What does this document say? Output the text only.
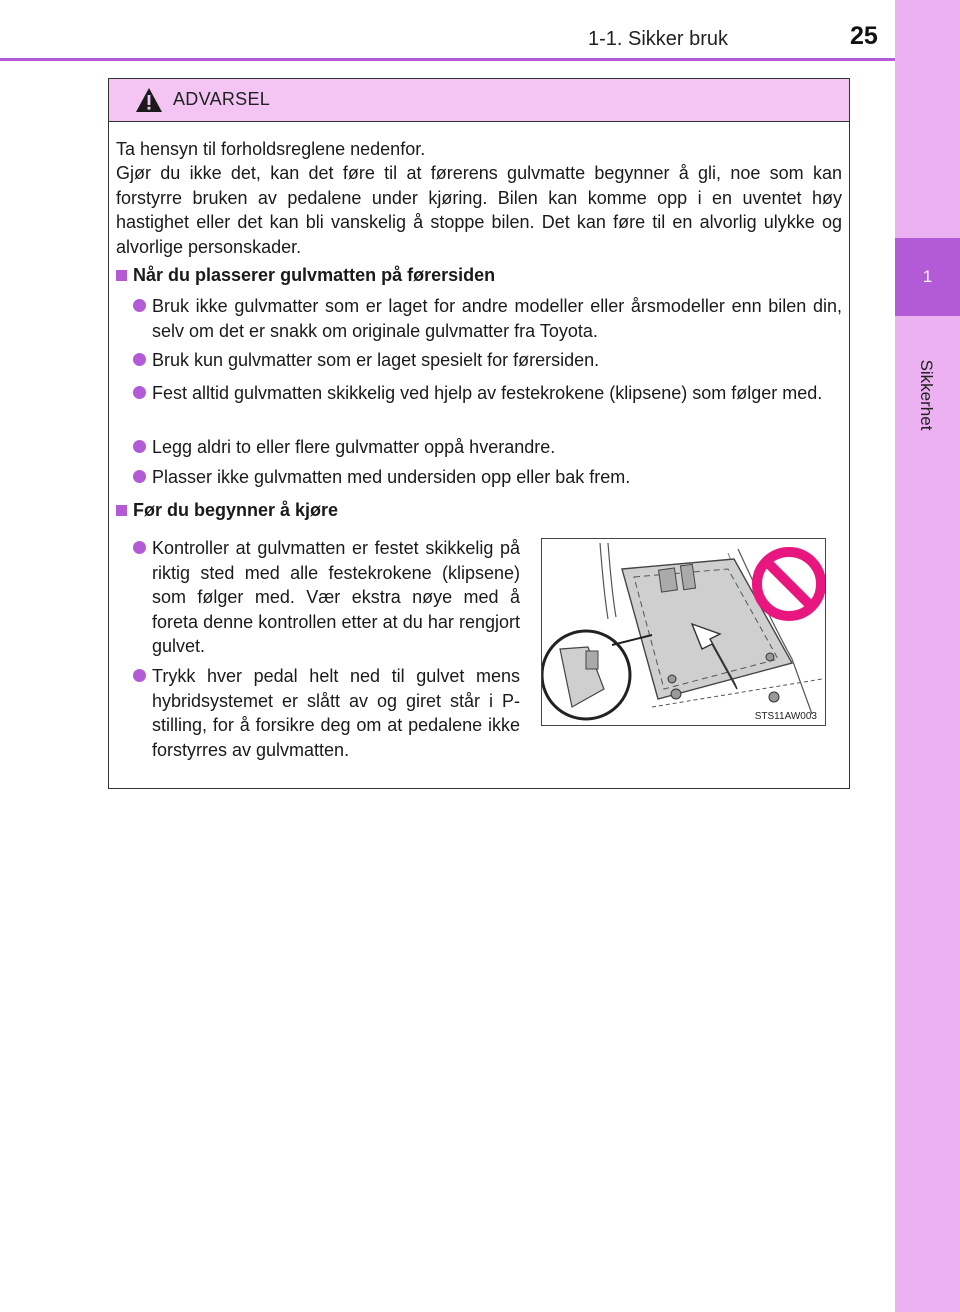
1
Sikkerhet
1-1. Sikker bruk	25
ADVARSEL
Ta hensyn til forholdsreglene nedenfor.
Gjør du ikke det, kan det føre til at førerens gulvmatte begynner å gli, noe som kan forstyrre bruken av pedalene under kjøring. Bilen kan komme opp i en uventet høy hastighet eller det kan bli vanskelig å stoppe bilen. Det kan føre til en alvorlig ulykke og alvorlige personskader.
Når du plasserer gulvmatten på førersiden
Bruk ikke gulvmatter som er laget for andre modeller eller årsmodeller enn bilen din, selv om det er snakk om originale gulvmatter fra Toyota.
Bruk kun gulvmatter som er laget spesielt for førersiden.
Fest alltid gulvmatten skikkelig ved hjelp av festekrokene (klipsene) som følger med.
Legg aldri to eller flere gulvmatter oppå hverandre.
Plasser ikke gulvmatten med undersiden opp eller bak frem.
Før du begynner å kjøre
Kontroller at gulvmatten er festet skikkelig på riktig sted med alle festekrokene (klipsene) som følger med. Vær ekstra nøye med å foreta denne kontrollen etter at du har rengjort gulvet.
Trykk hver pedal helt ned til gulvet mens hybridsystemet er slått av og giret står i P-stilling, for å forsikre deg om at pedalene ikke forstyrres av gulvmatten.
STS11AW003
